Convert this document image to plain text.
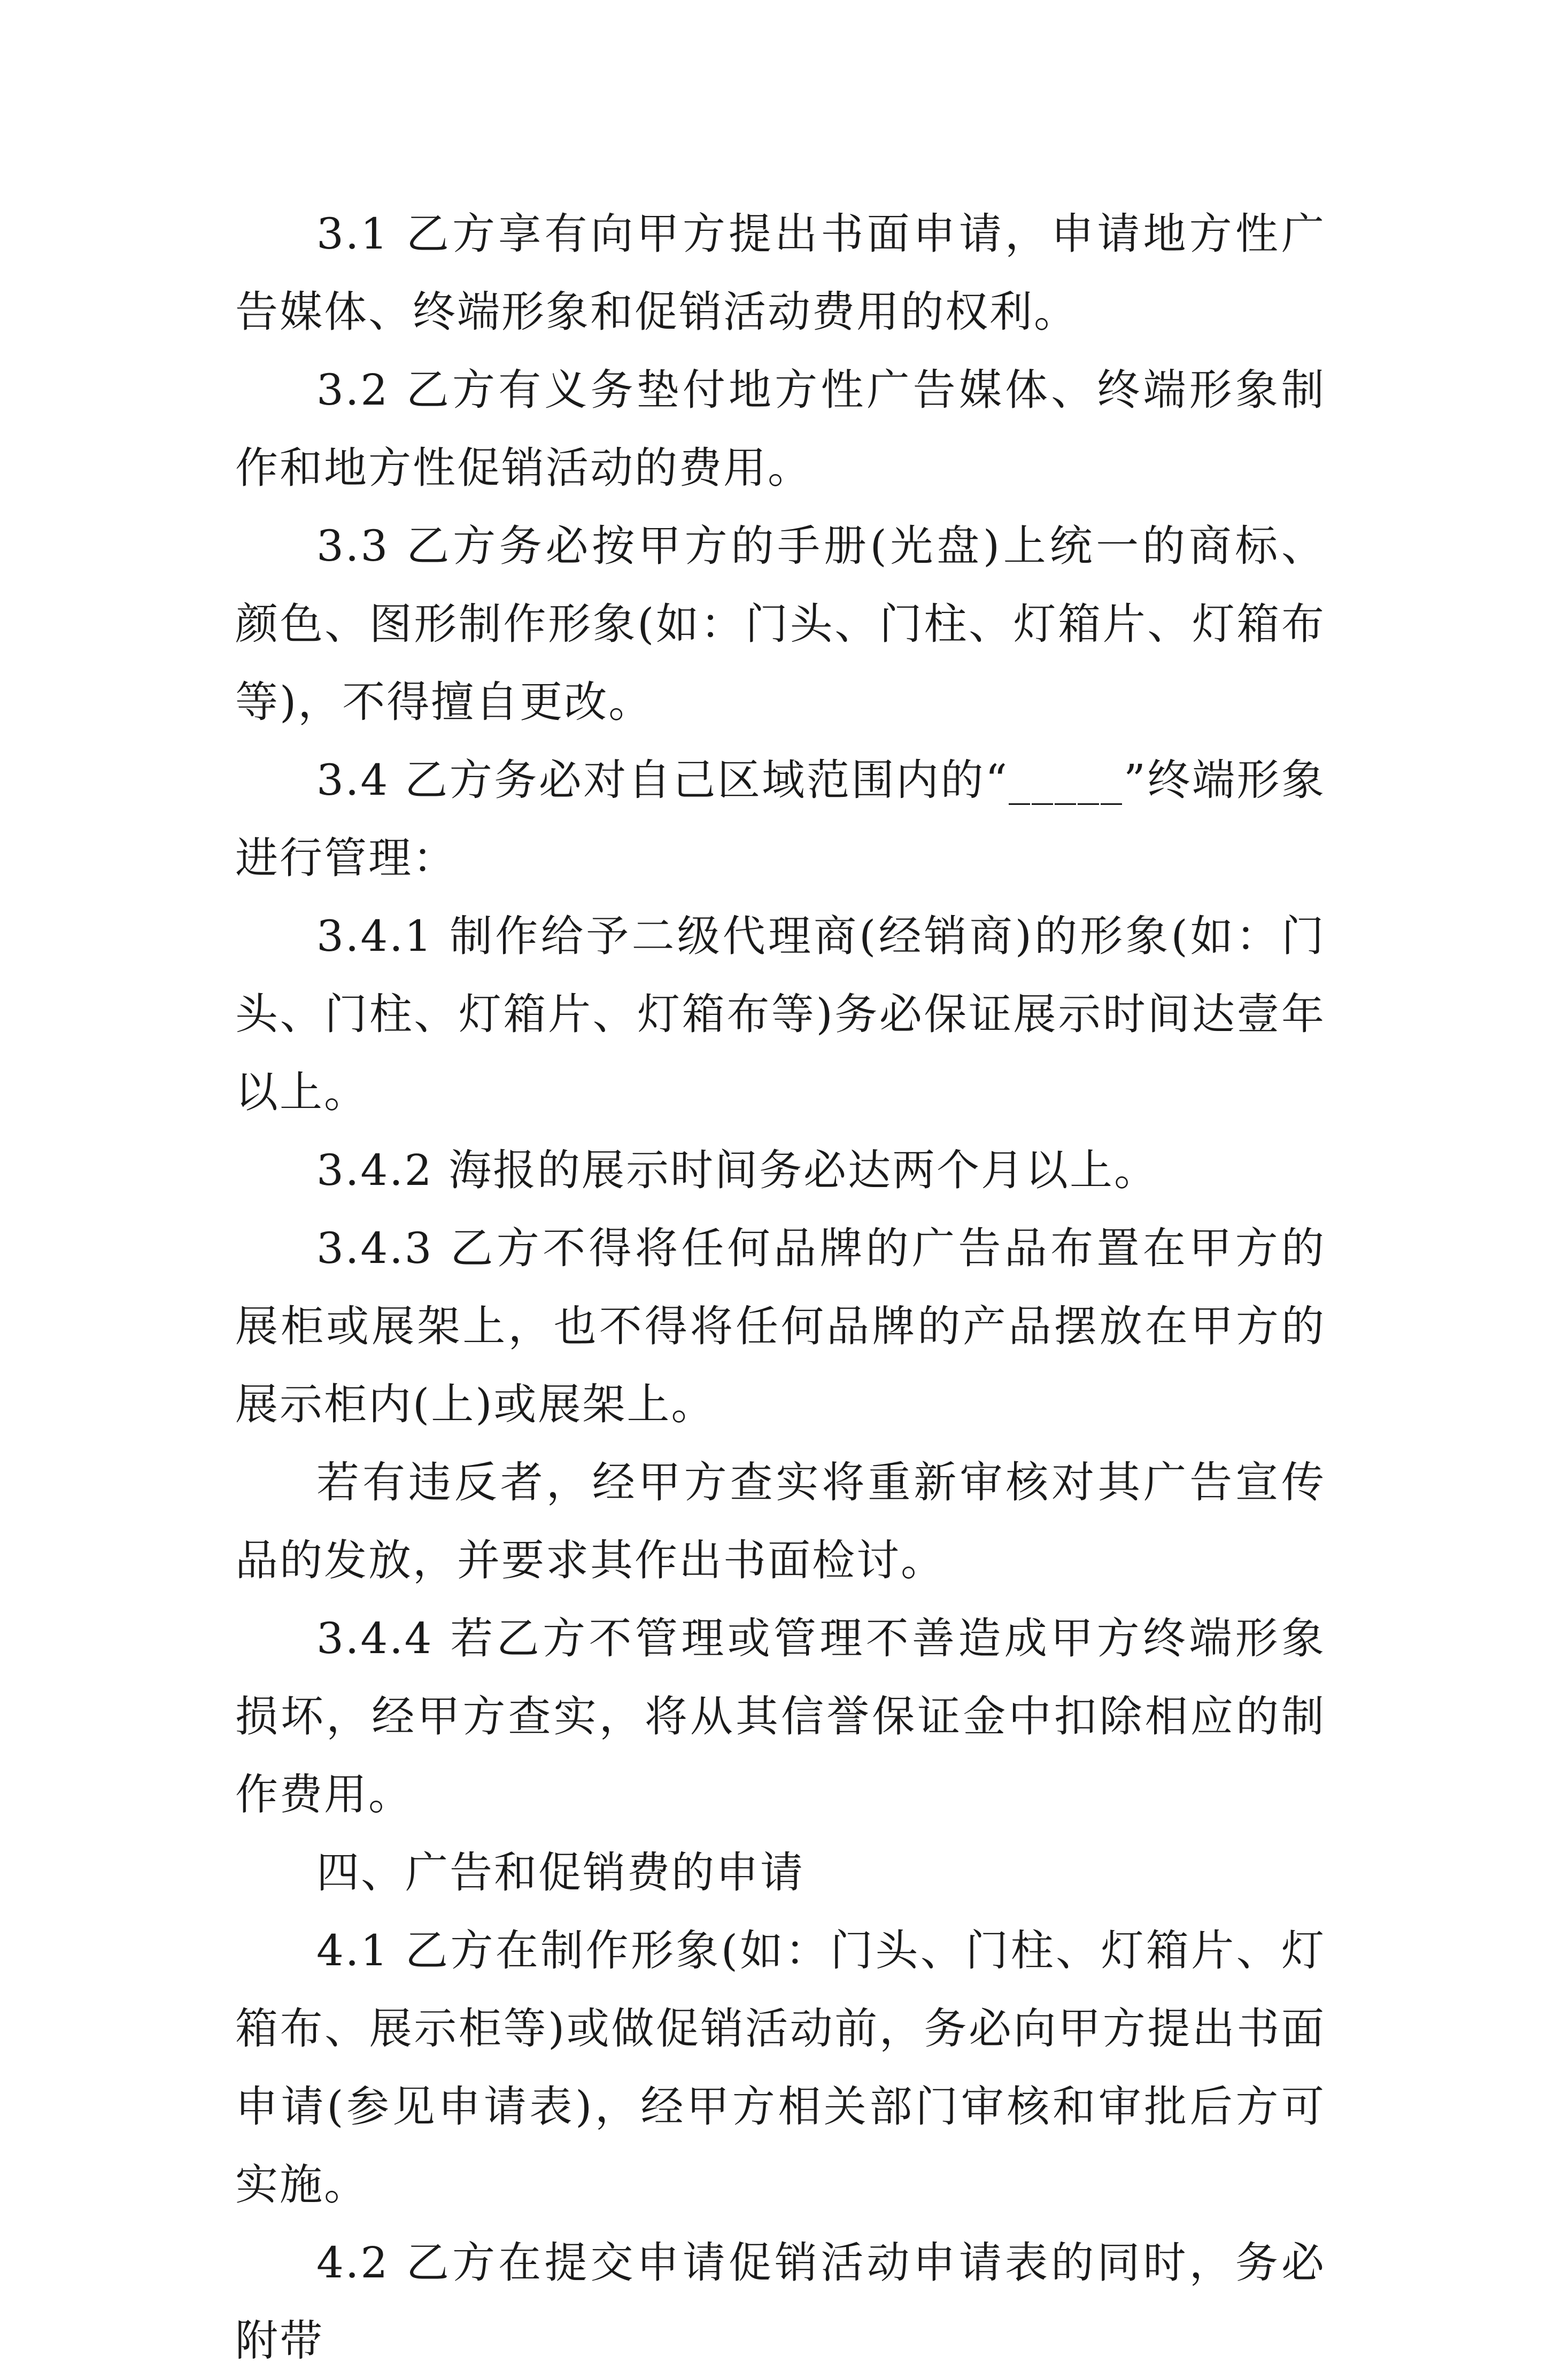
3.1 乙方享有向甲方提出书面申请，申请地方性广告媒体、终端形象和促销活动费用的权利。

3.2 乙方有义务垫付地方性广告媒体、终端形象制作和地方性促销活动的费用。

3.3 乙方务必按甲方的手册(光盘)上统一的商标、颜色、图形制作形象(如：门头、门柱、灯箱片、灯箱布等)，不得擅自更改。

3.4 乙方务必对自己区域范围内的“_____”终端形象进行管理：

3.4.1 制作给予二级代理商(经销商)的形象(如：门头、门柱、灯箱片、灯箱布等)务必保证展示时间达壹年以上。

3.4.2 海报的展示时间务必达两个月以上。

3.4.3 乙方不得将任何品牌的广告品布置在甲方的展柜或展架上，也不得将任何品牌的产品摆放在甲方的展示柜内(上)或展架上。

若有违反者，经甲方查实将重新审核对其广告宣传品的发放，并要求其作出书面检讨。

3.4.4 若乙方不管理或管理不善造成甲方终端形象损坏，经甲方查实，将从其信誉保证金中扣除相应的制作费用。

四、广告和促销费的申请

4.1 乙方在制作形象(如：门头、门柱、灯箱片、灯箱布、展示柜等)或做促销活动前，务必向甲方提出书面申请(参见申请表)，经甲方相关部门审核和审批后方可实施。

4.2 乙方在提交申请促销活动申请表的同时，务必附带
